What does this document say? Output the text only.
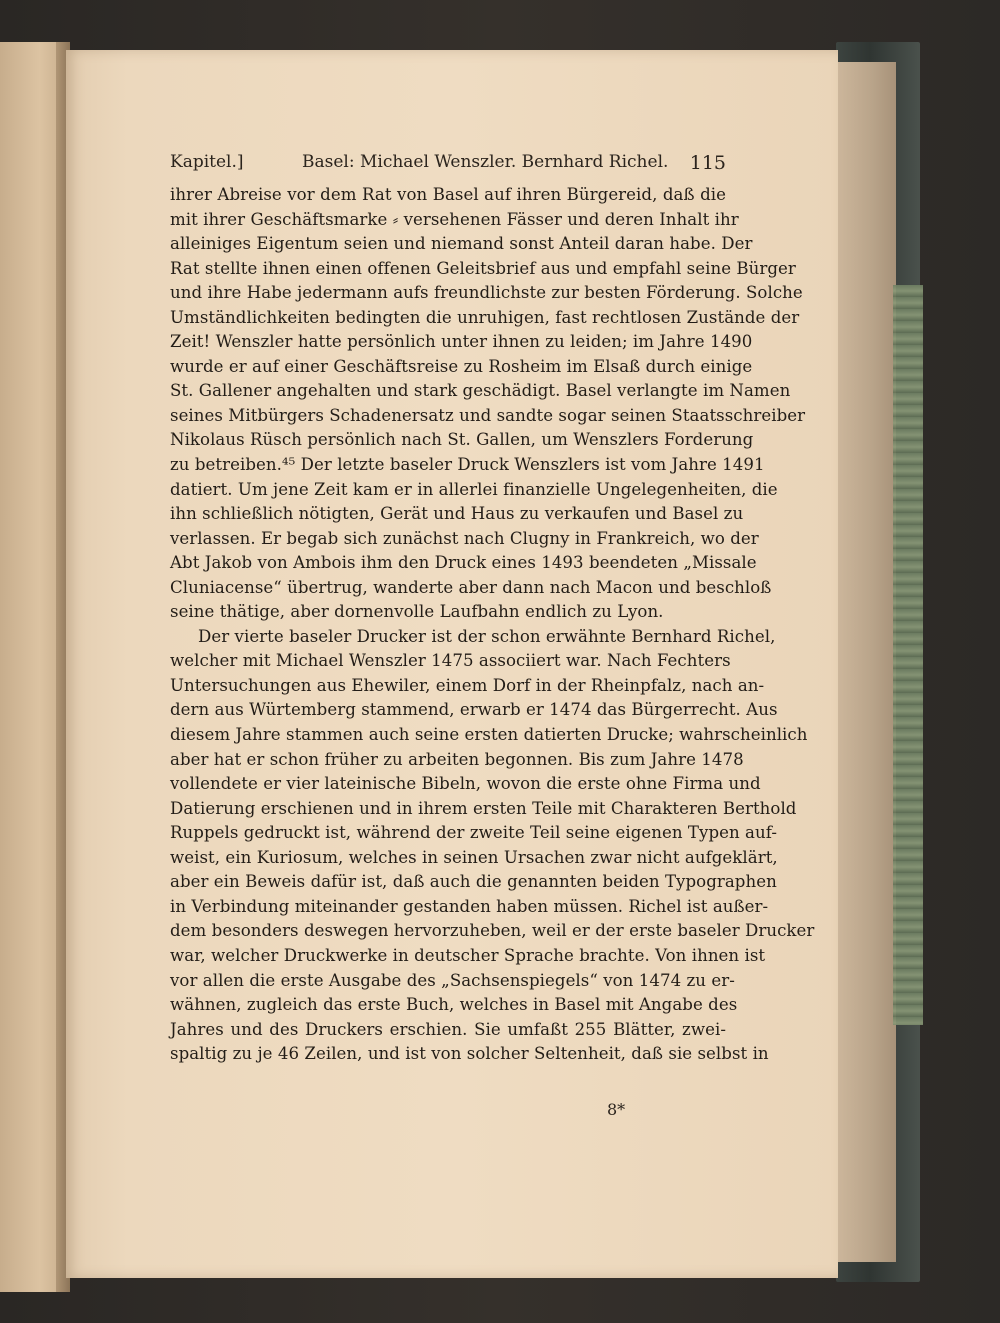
Kapitel.]	Basel: Michael Wenszler. Bernhard Richel. 115
ihrer Abreise vor dem Rat von Basel auf ihren Bürgereid, daß die
mit ihrer Geschäftsmarke ⸗ versehenen Fässer und deren Inhalt ihr
alleiniges Eigentum seien und niemand sonst Anteil daran habe. Der
Rat stellte ihnen einen offenen Geleitsbrief aus und empfahl seine Bürger
und ihre Habe jedermann aufs freundlichste zur besten Förderung. Solche
Umständlichkeiten bedingten die unruhigen, fast rechtlosen Zustände der
Zeit! Wenszler hatte persönlich unter ihnen zu leiden; im Jahre 1490
wurde er auf einer Geschäftsreise zu Rosheim im Elsaß durch einige
St. Gallener angehalten und stark geschädigt. Basel verlangte im Namen
seines Mitbürgers Schadenersatz und sandte sogar seinen Staatsschreiber
Nikolaus Rüsch persönlich nach St. Gallen, um Wenszlers Forderung
zu betreiben.⁴⁵ Der letzte baseler Druck Wenszlers ist vom Jahre 1491
datiert. Um jene Zeit kam er in allerlei finanzielle Ungelegenheiten, die
ihn schließlich nötigten, Gerät und Haus zu verkaufen und Basel zu
verlassen. Er begab sich zunächst nach Clugny in Frankreich, wo der
Abt Jakob von Ambois ihm den Druck eines 1493 beendeten „Missale
Cluniacense“ übertrug, wanderte aber dann nach Macon und beschloß
seine thätige, aber dornenvolle Laufbahn endlich zu Lyon.
Der vierte baseler Drucker ist der schon erwähnte Bernhard Richel,
welcher mit Michael Wenszler 1475 associiert war. Nach Fechters
Untersuchungen aus Ehewiler, einem Dorf in der Rheinpfalz, nach an-
dern aus Würtemberg stammend, erwarb er 1474 das Bürgerrecht. Aus
diesem Jahre stammen auch seine ersten datierten Drucke; wahrscheinlich
aber hat er schon früher zu arbeiten begonnen. Bis zum Jahre 1478
vollendete er vier lateinische Bibeln, wovon die erste ohne Firma und
Datierung erschienen und in ihrem ersten Teile mit Charakteren Berthold
Ruppels gedruckt ist, während der zweite Teil seine eigenen Typen auf-
weist, ein Kuriosum, welches in seinen Ursachen zwar nicht aufgeklärt,
aber ein Beweis dafür ist, daß auch die genannten beiden Typographen
in Verbindung miteinander gestanden haben müssen. Richel ist außer-
dem besonders deswegen hervorzuheben, weil er der erste baseler Drucker
war, welcher Druckwerke in deutscher Sprache brachte. Von ihnen ist
vor allen die erste Ausgabe des „Sachsenspiegels“ von 1474 zu er-
wähnen, zugleich das erste Buch, welches in Basel mit Angabe des
Jahres und des Druckers erschien. Sie umfaßt 255 Blätter, zwei-
spaltig zu je 46 Zeilen, und ist von solcher Seltenheit, daß sie selbst in
8*
